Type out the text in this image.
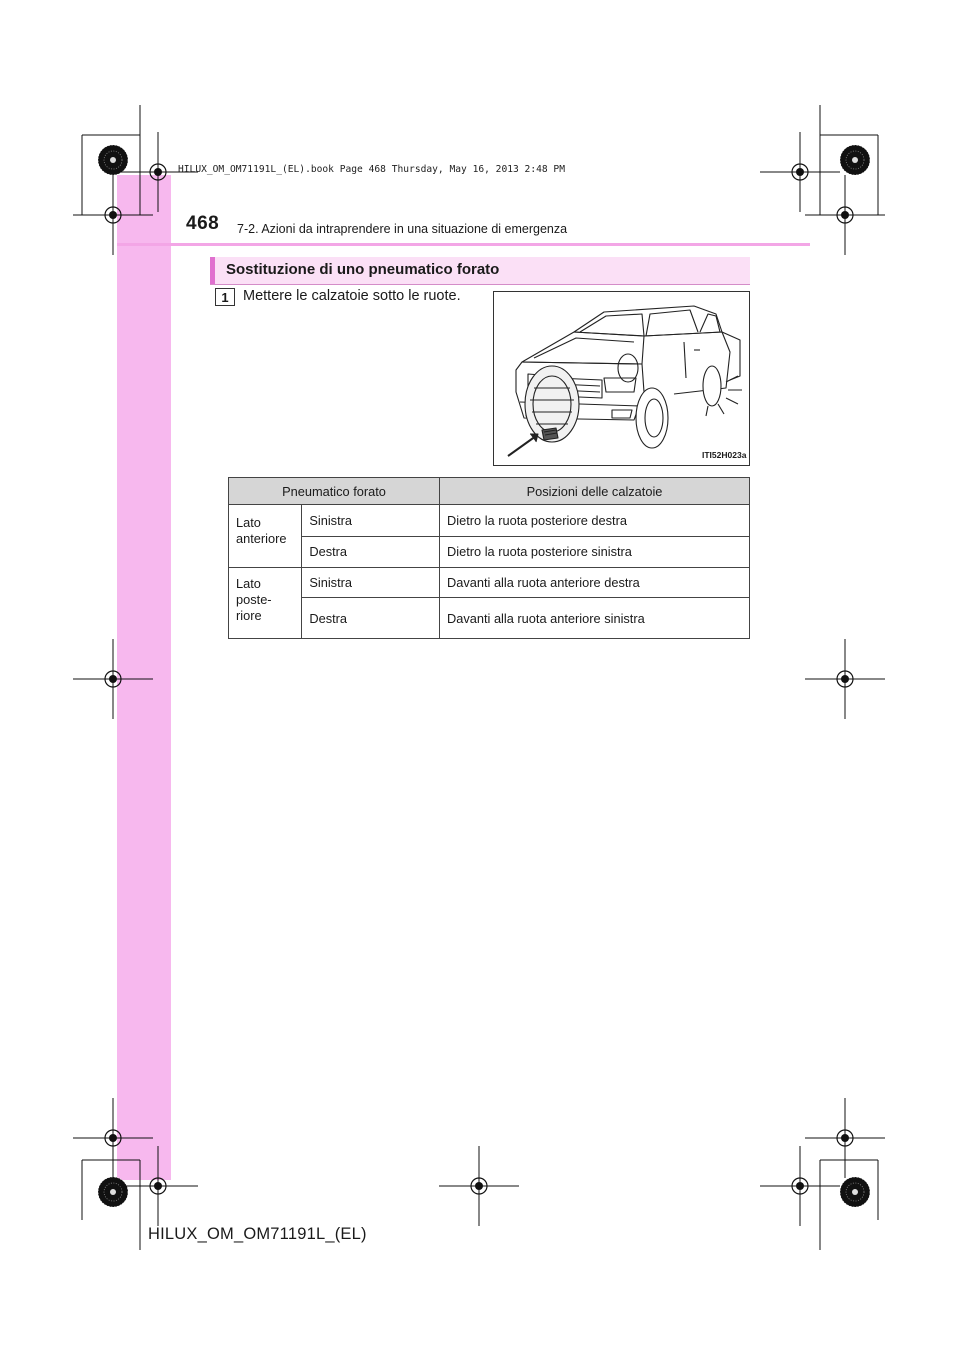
468 7-2. Azioni da intraprendere in una situazione di emergenza
HILUX_OM_OM71191L_(EL).book Page 468 Thursday, May 16, 2013 2:48 PM
Sostituzione di uno pneumatico forato
1 Mettere le calzatoie sotto le ruote.
ITI52H023a
Pneumatico forato		Posizioni delle calzatoie
Lato anteriore	Sinistra	Dietro la ruota posteriore destra
	Destra	Dietro la ruota posteriore sinistra
Lato poste-riore	Sinistra	Davanti alla ruota anteriore destra
	Destra	Davanti alla ruota anteriore sinistra
HILUX_OM_OM71191L_(EL)
